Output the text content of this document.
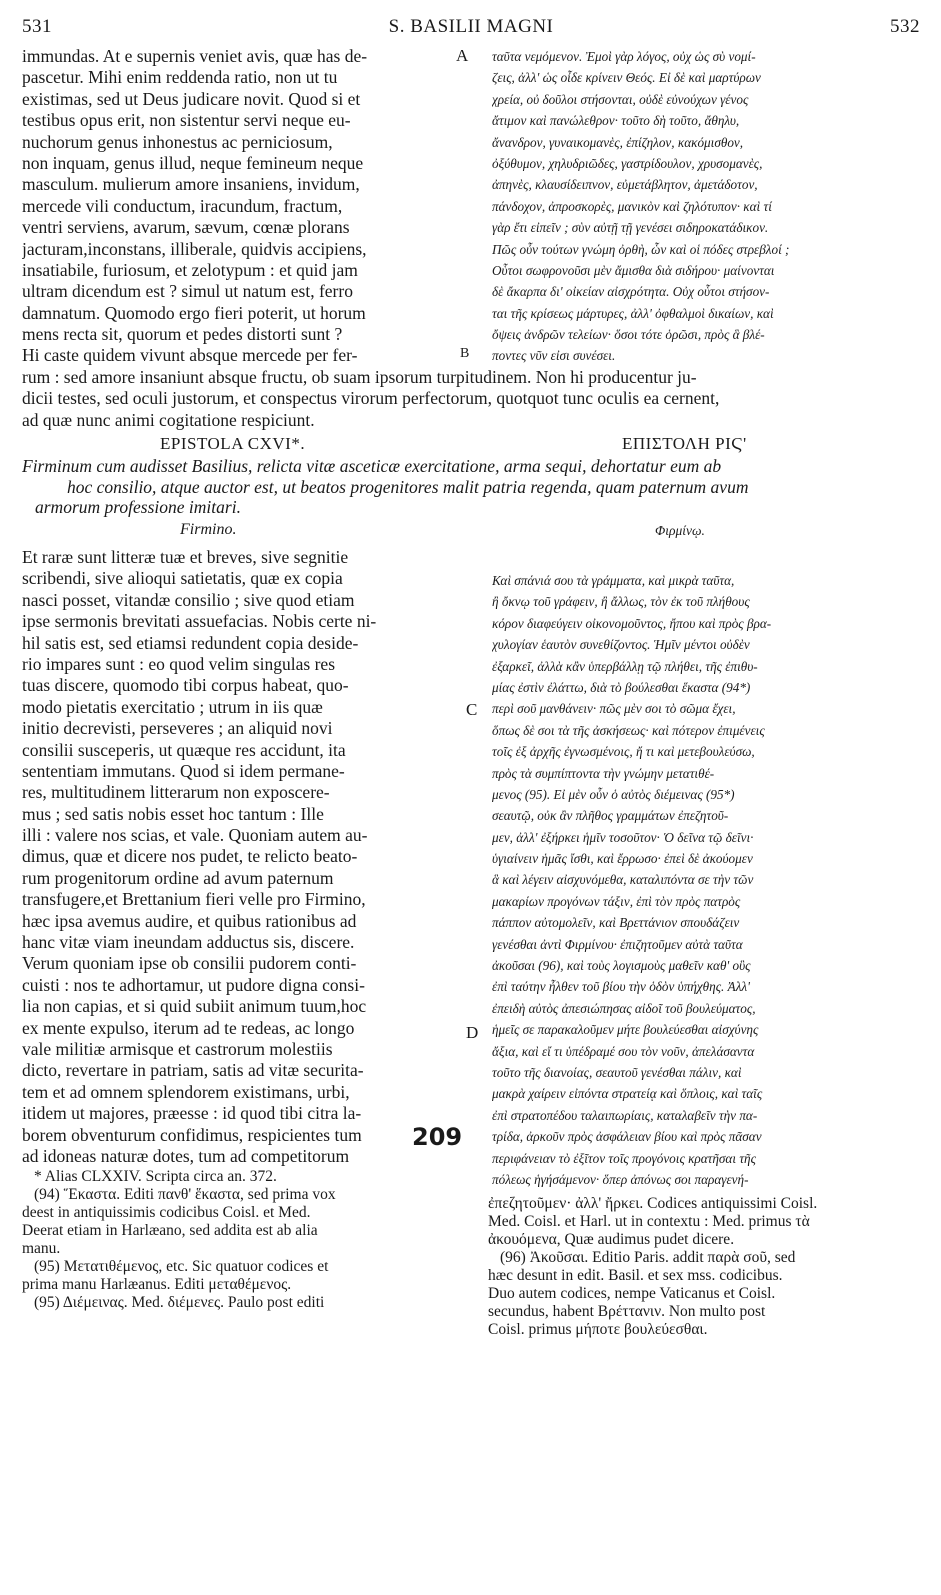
531	S. BASILII MAGNI	532
A
B
C
D
immundas. At e supernis veniet avis, quæ has de-
pascetur. Mihi enim reddenda ratio, non ut tu
existimas, sed ut Deus judicare novit. Quod si et
testibus opus erit, non sistentur servi neque eu-
nuchorum genus inhonestus ac perniciosum,
non inquam, genus illud, neque femineum neque
masculum. mulierum amore insaniens, invidum,
mercede vili conductum, iracundum, fractum,
ventri serviens, avarum, sævum, cœnæ plorans
jacturam,inconstans, illiberale, quidvis accipiens,
insatiabile, furiosum, et zelotypum : et quid jam
ultram dicendum est ? simul ut natum est, ferro
damnatum. Quomodo ergo fieri poterit, ut horum
mens recta sit, quorum et pedes distorti sunt ?
Hi caste quidem vivunt absque mercede per fer-
ταῦτα νεμόμενον. Ἐμοὶ γὰρ λόγος, οὐχ ὡς σὺ νομί-
ζεις, ἀλλ' ὡς οἶδε κρίνειν Θεός. Εἰ δὲ καὶ μαρτύρων
χρεία, οὐ δοῦλοι στήσονται, οὐδὲ εὐνούχων γένος
ἄτιμον καὶ πανώλεθρον· τοῦτο δὴ τοῦτο, ἄθηλυ,
ἄνανδρον, γυναικομανὲς, ἐπίζηλον, κακόμισθον,
ὀξύθυμον, χηλυδριῶδες, γαστρίδουλον, χρυσομανὲς,
ἀπηνὲς, κλαυσίδειπνον, εὐμετάβλητον, ἀμετάδοτον,
πάνδοχον, ἀπροσκορὲς, μανικὸν καὶ ζηλότυπον· καὶ τί
γὰρ ἔτι εἰπεῖν ; σὺν αὐτῇ τῇ γενέσει σιδηροκατάδικον.
Πῶς οὖν τούτων γνώμη ὀρθὴ, ὧν καὶ οἱ πόδες στρεβλοί ;
Οὗτοι σωφρονοῦσι μὲν ἄμισθα διὰ σιδήρου· μαίνονται
δὲ ἄκαρπα δι' οἰκείαν αἰσχρότητα. Οὐχ οὗτοι στήσον-
ται τῆς κρίσεως μάρτυρες, ἀλλ' ὀφθαλμοὶ δικαίων, καὶ
ὄψεις ἀνδρῶν τελείων· ὅσοι τότε ὁρῶσι, πρὸς ἃ βλέ-
ποντες νῦν εἰσι συνέσει.
rum : sed amore insaniunt absque fructu, ob suam ipsorum turpitudinem. Non hi producentur ju-
dicii testes, sed oculi justorum, et conspectus virorum perfectorum, quotquot tunc oculis ea cernent,
ad quæ nunc animi cogitatione respiciunt.
EPISTOLA CXVI*.	ΕΠΙΣΤΟΛΗ ΡΙϚ'
Firminum cum audisset Basilius, relicta vitæ asceticæ exercitatione, arma sequi, dehortatur eum ab
hoc consilio, atque auctor est, ut beatos progenitores malit patria regenda, quam paternum avum
armorum professione imitari.
Firmino.	Φιρμίνῳ.
Et raræ sunt litteræ tuæ et breves, sive segnitie
scribendi, sive alioqui satietatis, quæ ex copia
nasci posset, vitandæ consilio ; sive quod etiam
ipse sermonis brevitati assuefacias. Nobis certe ni-
hil satis est, sed etiamsi redundent copia deside-
rio impares sunt : eo quod velim singulas res
tuas discere, quomodo tibi corpus habeat, quo-
modo pietatis exercitatio ; utrum in iis quæ
initio decrevisti, perseveres ; an aliquid novi
consilii susceperis, ut quæque res accidunt, ita
sententiam immutans. Quod si idem permane-
res, multitudinem litterarum non exposcere-
mus ; sed satis nobis esset hoc tantum : Ille
illi : valere nos scias, et vale. Quoniam autem au-
dimus, quæ et dicere nos pudet, te relicto beato-
rum progenitorum ordine ad avum paternum
transfugere,et Brettanium fieri velle pro Firmino,
hæc ipsa avemus audire, et quibus rationibus ad
hanc vitæ viam ineundam adductus sis, discere.
Verum quoniam ipse ob consilii pudorem conti-
cuisti : nos te adhortamur, ut pudore digna consi-
lia non capias, et si quid subiit animum tuum,hoc
ex mente expulso, iterum ad te redeas, ac longo
vale militiæ armisque et castrorum molestiis
dicto, revertare in patriam, satis ad vitæ securita-
tem et ad omnem splendorem existimans, urbi,
itidem ut majores, præesse : id quod tibi citra la-
borem obventurum confidimus, respicientes tum
ad idoneas naturæ dotes, tum ad competitorum
209
Καὶ σπάνιά σου τὰ γράμματα, καὶ μικρὰ ταῦτα,
ἢ ὄκνῳ τοῦ γράφειν, ἢ ἄλλως, τὸν ἐκ τοῦ πλήθους
κόρον διαφεύγειν οἰκονομοῦντος, ἤπου καὶ πρὸς βρα-
χυλογίαν ἑαυτὸν συνεθίζοντος. Ἡμῖν μέντοι οὐδὲν
ἐξαρκεῖ, ἀλλὰ κἂν ὑπερβάλλῃ τῷ πλήθει, τῆς ἐπιθυ-
μίας ἐστὶν ἐλάττω, διὰ τὸ βούλεσθαι ἕκαστα (94*)
περὶ σοῦ μανθάνειν· πῶς μὲν σοι τὸ σῶμα ἔχει,
ὅπως δὲ σοι τὰ τῆς ἀσκήσεως· καὶ πότερον ἐπιμένεις
τοῖς ἐξ ἀρχῆς ἐγνωσμένοις, ἤ τι καὶ μετεβουλεύσω,
πρὸς τὰ συμπίπτοντα τὴν γνώμην μετατιθέ-
μενος (95). Εἰ μὲν οὖν ὁ αὐτὸς διέμεινας (95*)
σεαυτῷ, οὐκ ἂν πλῆθος γραμμάτων ἐπεζητοῦ-
μεν, ἀλλ' ἐξήρκει ἡμῖν τοσοῦτον· Ὁ δεῖνα τῷ δεῖνι·
ὑγιαίνειν ἡμᾶς ἴσθι, καὶ ἔρρωσο· ἐπεὶ δὲ ἀκούομεν
ἃ καὶ λέγειν αἰσχυνόμεθα, καταλιπόντα σε τὴν τῶν
μακαρίων προγόνων τάξιν, ἐπὶ τὸν πρὸς πατρὸς
πάππον αὐτομολεῖν, καὶ Βρεττάνιον σπουδάζειν
γενέσθαι ἀντὶ Φιρμίνου· ἐπιζητοῦμεν αὐτὰ ταῦτα
ἀκοῦσαι (96), καὶ τοὺς λογισμοὺς μαθεῖν καθ' οὓς
ἐπὶ ταύτην ἦλθεν τοῦ βίου τὴν ὁδὸν ὑπήχθης. Ἀλλ'
ἐπειδὴ αὐτὸς ἀπεσιώπησας αἰδοῖ τοῦ βουλεύματος,
ἡμεῖς σε παρακαλοῦμεν μήτε βουλεύεσθαι αἰσχύνης
ἄξια, καὶ εἴ τι ὑπέδραμέ σου τὸν νοῦν, ἀπελάσαντα
τοῦτο τῆς διανοίας, σεαυτοῦ γενέσθαι πάλιν, καὶ
μακρὰ χαίρειν εἰπόντα στρατείᾳ καὶ ὅπλοις, καὶ ταῖς
ἐπὶ στρατοπέδου ταλαιπωρίαις, καταλαβεῖν τὴν πα-
τρίδα, ἀρκοῦν πρὸς ἀσφάλειαν βίου καὶ πρὸς πᾶσαν
περιφάνειαν τὸ ἐξῖτον τοῖς προγόνοις κρατῆσαι τῆς
πόλεως ἡγήσάμενον· ὅπερ ἀπόνως σοι παραγενή-
* Alias CLXXIV. Scripta circa an. 372.
(94) Ἕκαστα. Editi πανθ' ἕκαστα, sed prima vox
deest in antiquissimis codicibus Coisl. et Med.
Deerat etiam in Harlæano, sed addita est ab alia
manu.
(95) Μετατιθέμενος, etc. Sic quatuor codices et
prima manu Harlæanus. Editi μεταθέμενος.
(95) Διέμεινας. Med. διέμενες. Paulo post editi
ἐπεζητοῦμεν· ἀλλ' ἤρκει. Codices antiquissimi Coisl.
Med. Coisl. et Harl. ut in contextu : Med. primus τὰ
ἀκουόμενα, Quæ audimus pudet dicere.
(96) Ἀκοῦσαι. Editio Paris. addit παρὰ σοῦ, sed
hæc desunt in edit. Basil. et sex mss. codicibus.
Duo autem codices, nempe Vaticanus et Coisl.
secundus, habent Βρέττανιν. Non multo post
Coisl. primus μήποτε βουλεύεσθαι.
